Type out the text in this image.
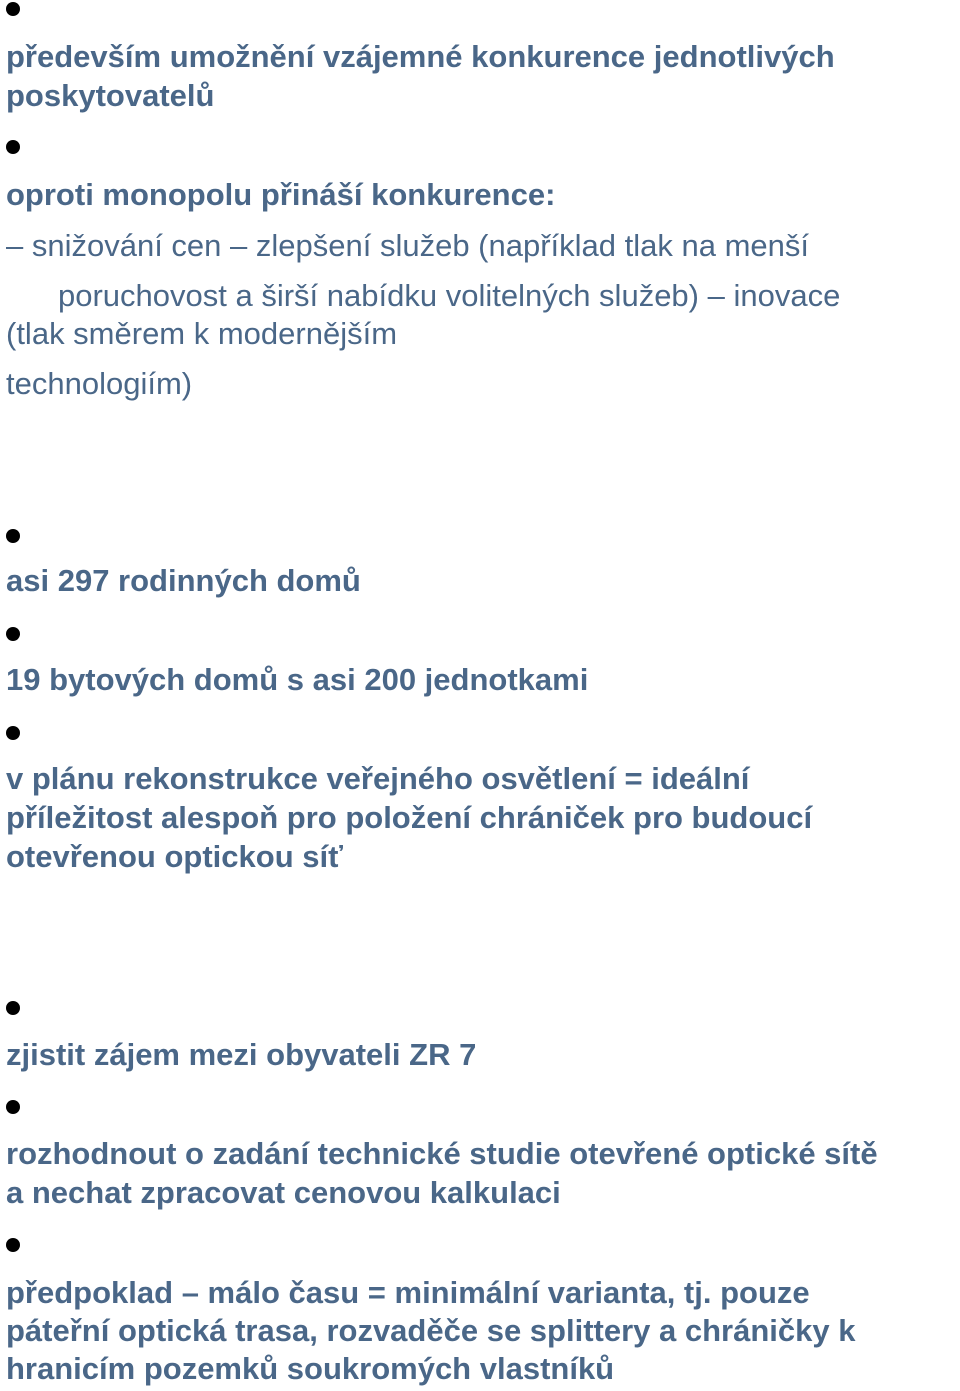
především umožnění vzájemné konkurence jednotlivých
poskytovatelů
oproti monopolu přináší konkurence:
– snižování cen – zlepšení služeb (například tlak na menší
poruchovost a širší nabídku volitelných služeb) – inovace
(tlak směrem k modernějším
technologiím)
asi 297 rodinných domů
19 bytových domů s asi 200 jednotkami
v plánu rekonstrukce veřejného osvětlení = ideální
příležitost alespoň pro položení chrániček pro budoucí
otevřenou optickou síť
zjistit zájem mezi obyvateli ZR 7
rozhodnout o zadání technické studie otevřené optické sítě
a nechat zpracovat cenovou kalkulaci
předpoklad – málo času = minimální varianta, tj. pouze
páteřní optická trasa, rozvaděče se splittery a chráničky k
hranicím pozemků soukromých vlastníků
